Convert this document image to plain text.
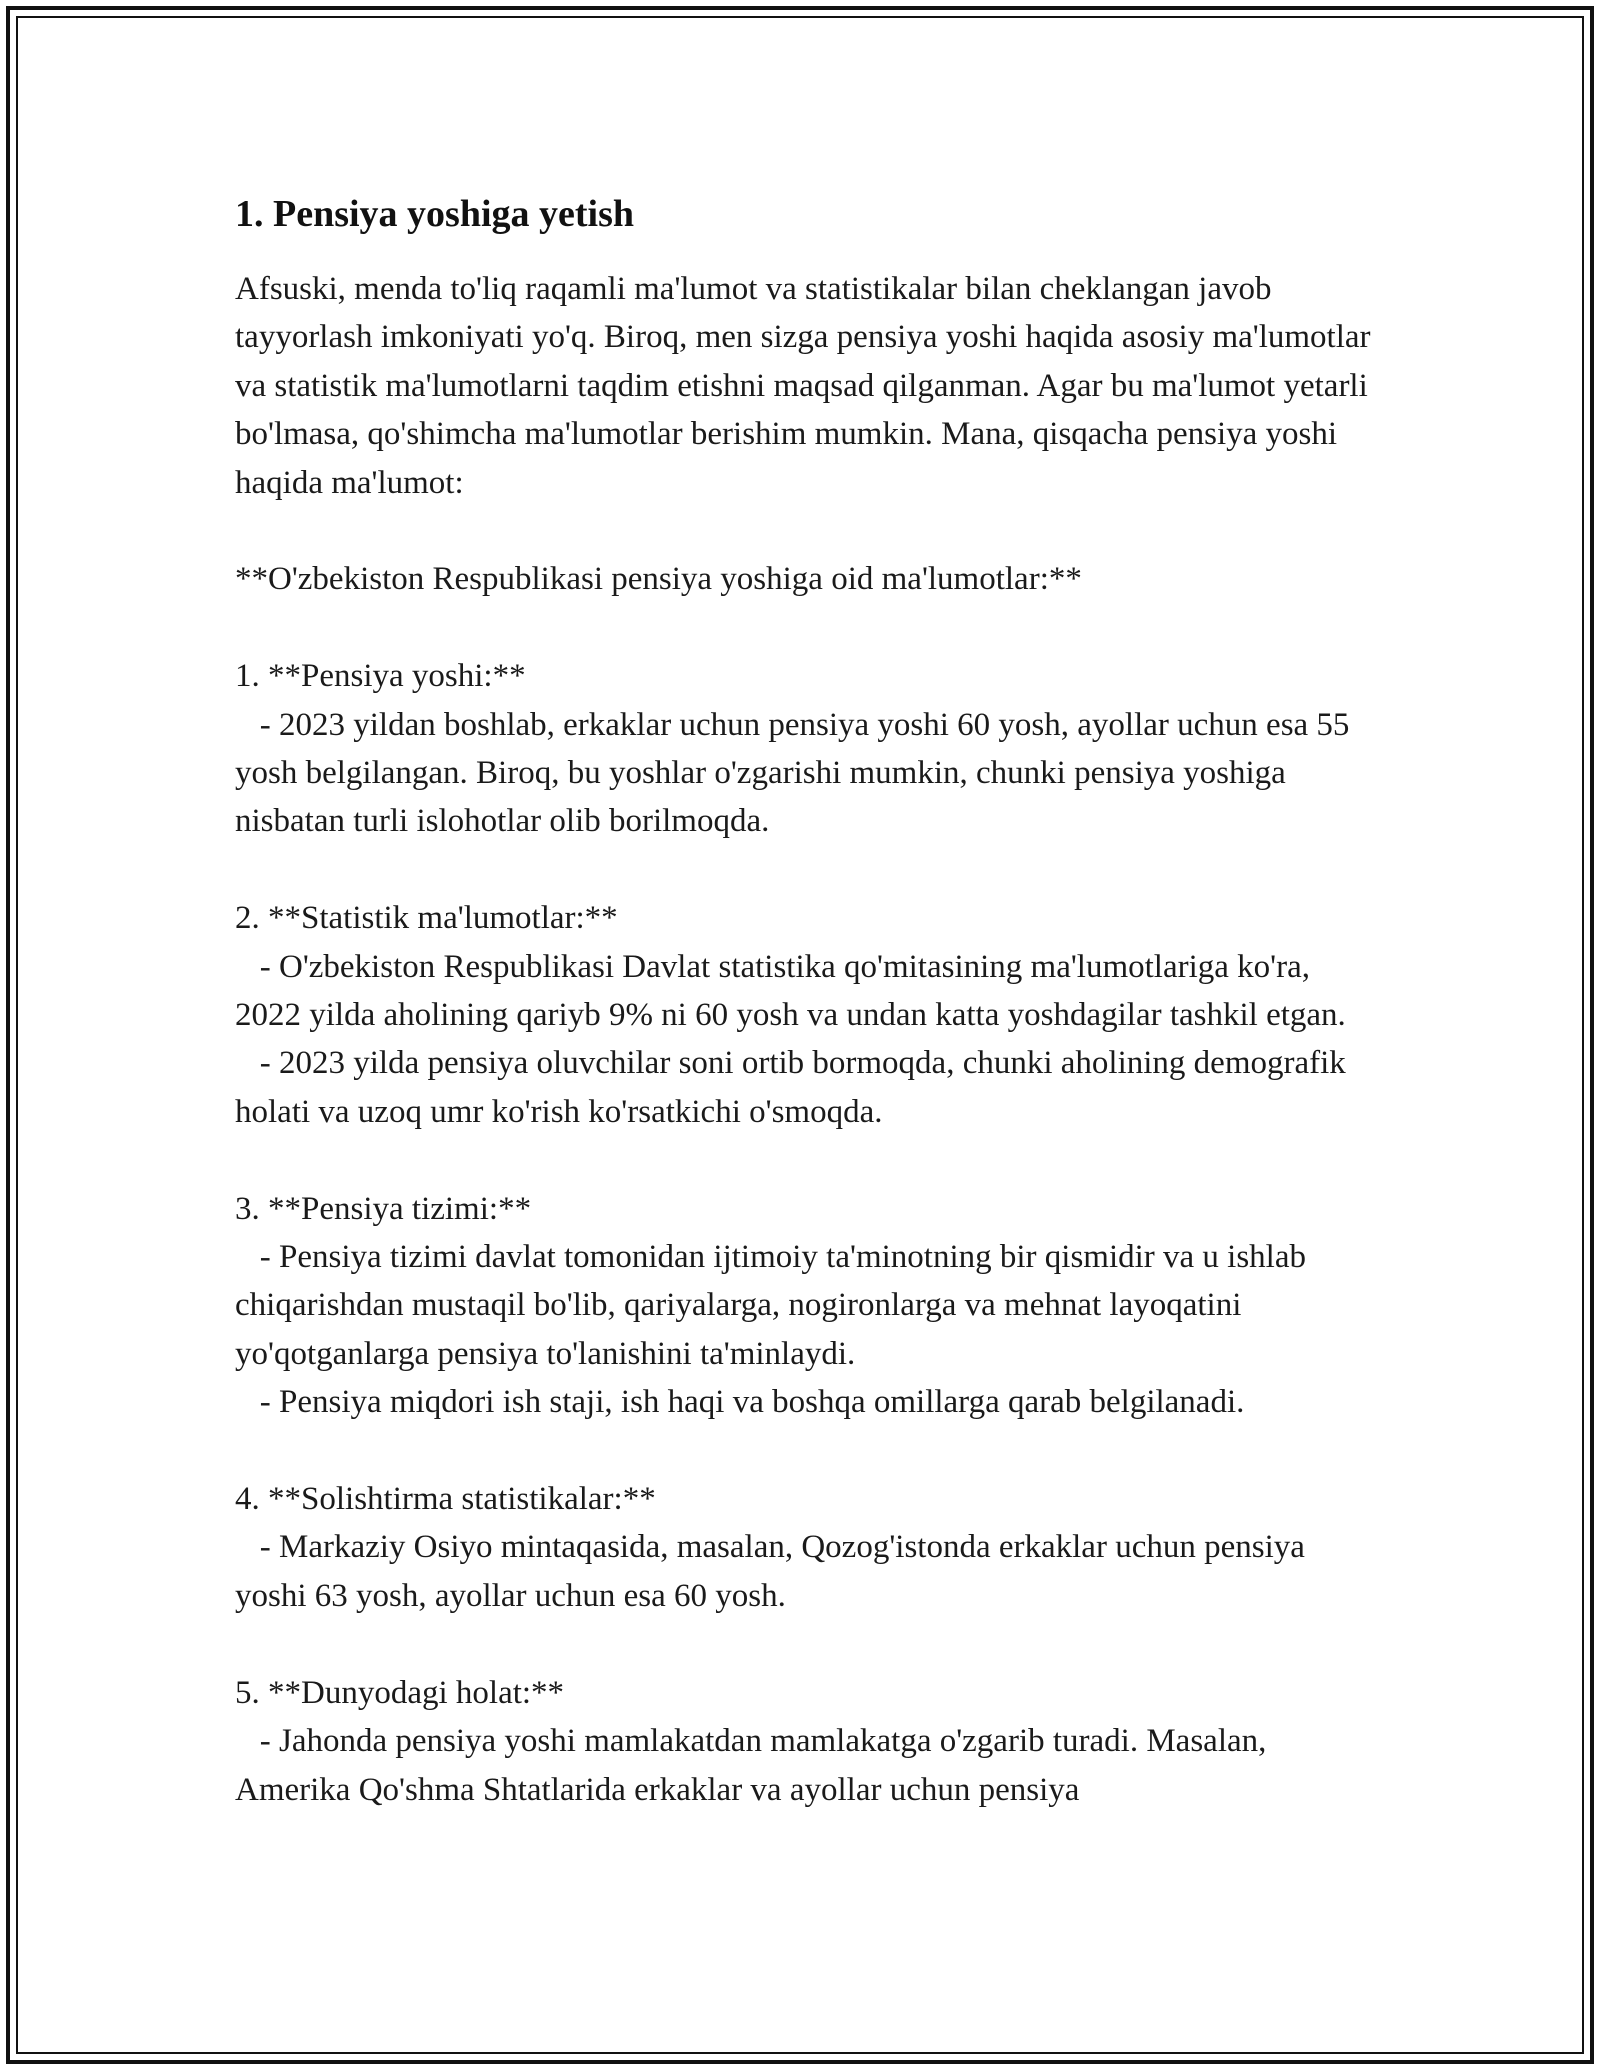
1. Pensiya yoshiga yetish

Afsuski, menda to'liq raqamli ma'lumot va statistikalar bilan cheklangan javob tayyorlash imkoniyati yo'q. Biroq, men sizga pensiya yoshi haqida asosiy ma'lumotlar va statistik ma'lumotlarni taqdim etishni maqsad qilganman. Agar bu ma'lumot yetarli bo'lmasa, qo'shimcha ma'lumotlar berishim mumkin. Mana, qisqacha pensiya yoshi haqida ma'lumot:

**O'zbekiston Respublikasi pensiya yoshiga oid ma'lumotlar:**

1. **Pensiya yoshi:**

- 2023 yildan boshlab, erkaklar uchun pensiya yoshi 60 yosh, ayollar uchun esa 55 yosh belgilangan. Biroq, bu yoshlar o'zgarishi mumkin, chunki pensiya yoshiga nisbatan turli islohotlar olib borilmoqda.

2. **Statistik ma'lumotlar:**

- O'zbekiston Respublikasi Davlat statistika qo'mitasining ma'lumotlariga ko'ra, 2022 yilda aholining qariyb 9% ni 60 yosh va undan katta yoshdagilar tashkil etgan.

- 2023 yilda pensiya oluvchilar soni ortib bormoqda, chunki aholining demografik holati va uzoq umr ko'rish ko'rsatkichi o'smoqda.

3. **Pensiya tizimi:**

- Pensiya tizimi davlat tomonidan ijtimoiy ta'minotning bir qismidir va u ishlab chiqarishdan mustaqil bo'lib, qariyalarga, nogironlarga va mehnat layoqatini yo'qotganlarga pensiya to'lanishini ta'minlaydi.

- Pensiya miqdori ish staji, ish haqi va boshqa omillarga qarab belgilanadi.

4. **Solishtirma statistikalar:**

- Markaziy Osiyo mintaqasida, masalan, Qozog'istonda erkaklar uchun pensiya yoshi 63 yosh, ayollar uchun esa 60 yosh.

5. **Dunyodagi holat:**

- Jahonda pensiya yoshi mamlakatdan mamlakatga o'zgarib turadi. Masalan, Amerika Qo'shma Shtatlarida erkaklar va ayollar uchun pensiya
